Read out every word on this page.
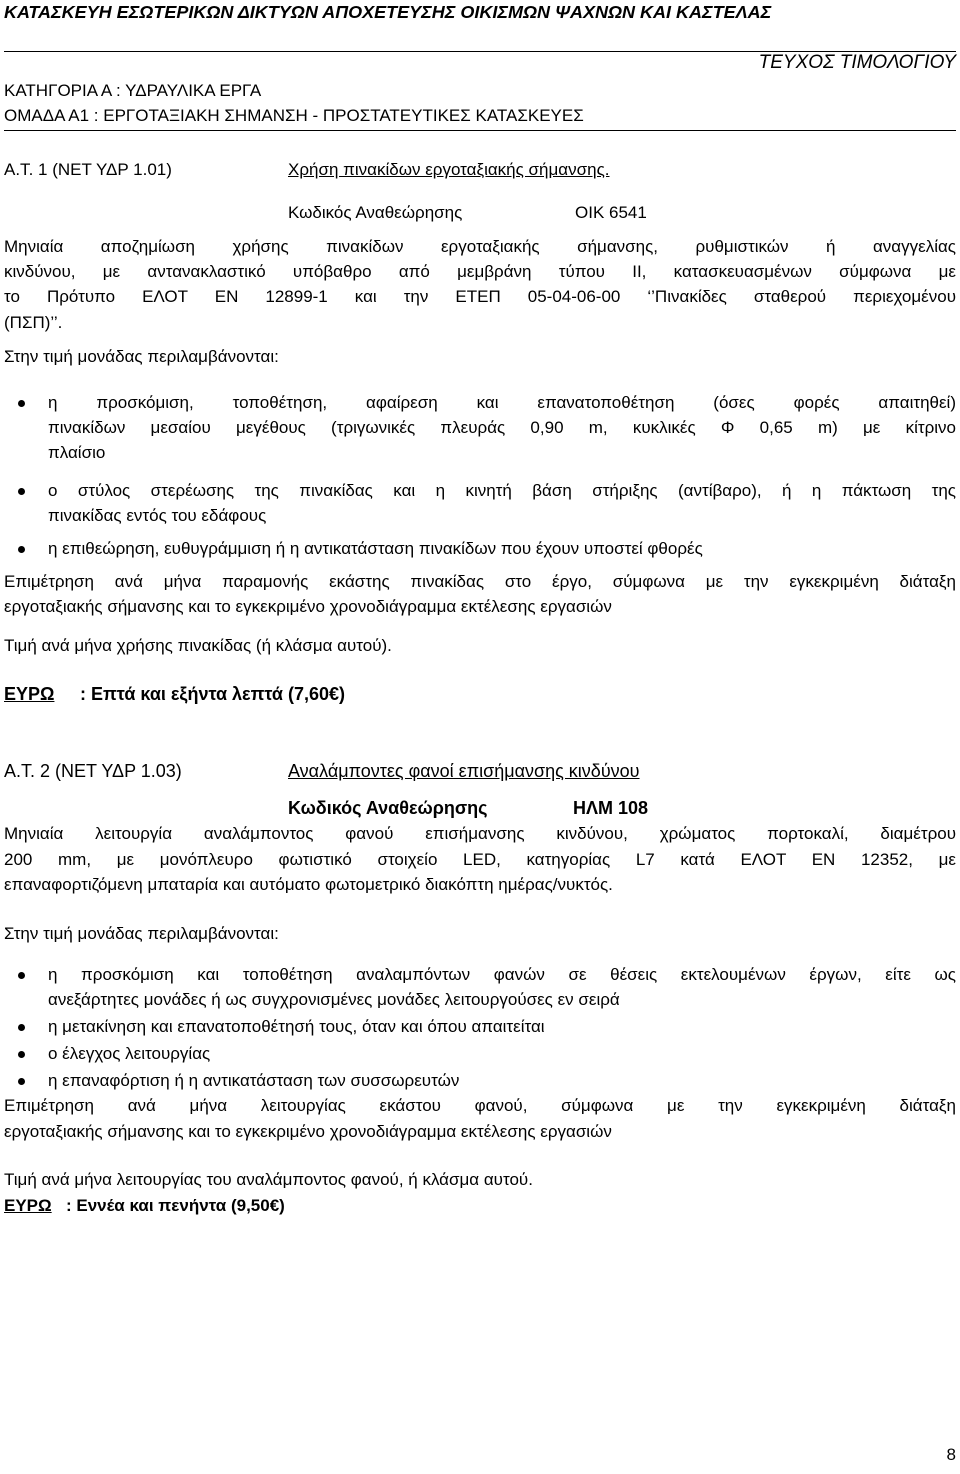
ΚΑΤΑΣΚΕΥΗ ΕΣΩΤΕΡΙΚΩΝ ΔΙΚΤΥΩΝ ΑΠΟΧΕΤΕΥΣΗΣ ΟΙΚΙΣΜΩΝ ΨΑΧΝΩΝ ΚΑΙ ΚΑΣΤΕΛΑΣ
ΤΕΥΧΟΣ ΤΙΜΟΛΟΓΙΟΥ
ΚΑΤΗΓΟΡΙΑ Α : ΥΔΡΑΥΛΙΚΑ ΕΡΓΑ
ΟΜΑΔΑ Α1 : ΕΡΓΟΤΑΞΙΑΚΗ ΣΗΜΑΝΣΗ - ΠΡΟΣΤΑΤΕΥΤΙΚΕΣ ΚΑΤΑΣΚΕΥΕΣ
Α.Τ. 1 (ΝΕΤ ΥΔΡ 1.01)	Χρήση πινακίδων εργοταξιακής σήμανσης.
Κωδικός Αναθεώρησης	ΟΙΚ 6541
Μηνιαία αποζημίωση χρήσης πινακίδων εργοταξιακής σήμανσης, ρυθμιστικών ή αναγγελίας
κινδύνου, με αντανακλαστικό υπόβαθρο από μεμβράνη τύπου ΙΙ, κατασκευασμένων σύμφωνα με
το Πρότυπο ΕΛΟΤ ΕΝ 12899-1 και την ΕΤΕΠ 05-04-06-00 ‘’Πινακίδες σταθερού περιεχομένου
(ΠΣΠ)’’.
Στην τιμή μονάδας περιλαμβάνονται:
η προσκόμιση, τοποθέτηση, αφαίρεση και επανατοποθέτηση (όσες φορές απαιτηθεί)
πινακίδων μεσαίου μεγέθους (τριγωνικές πλευράς 0,90 m, κυκλικές Φ 0,65 m) με κίτρινο
πλαίσιο
ο στύλος στερέωσης της πινακίδας και η κινητή βάση στήριξης (αντίβαρο), ή η πάκτωση της
πινακίδας εντός του εδάφους
η επιθεώρηση, ευθυγράμμιση ή η αντικατάσταση πινακίδων που έχουν υποστεί φθορές
Επιμέτρηση ανά μήνα παραμονής εκάστης πινακίδας στο έργο, σύμφωνα με την εγκεκριμένη διάταξη
εργοταξιακής σήμανσης και το εγκεκριμένο χρονοδιάγραμμα εκτέλεσης εργασιών
Τιμή ανά μήνα χρήσης πινακίδας (ή κλάσμα αυτού).
ΕΥΡΩ : Επτά και εξήντα λεπτά (7,60€)
Α.Τ. 2 (ΝΕΤ ΥΔΡ 1.03)	Αναλάμποντες φανοί επισήμανσης κινδύνου
Κωδικός Αναθεώρησης	ΗΛΜ 108
Μηνιαία λειτουργία αναλάμποντος φανού επισήμανσης κινδύνου, χρώματος πορτοκαλί, διαμέτρου
200 mm, με μονόπλευρο φωτιστικό στοιχείο LED, κατηγορίας L7 κατά ΕΛΟΤ ΕΝ 12352, με
επαναφορτιζόμενη μπαταρία και αυτόματο φωτομετρικό διακόπτη ημέρας/νυκτός.
Στην τιμή μονάδας περιλαμβάνονται:
η προσκόμιση και τοποθέτηση αναλαμπόντων φανών σε θέσεις εκτελουμένων έργων, είτε ως
ανεξάρτητες μονάδες ή ως συγχρονισμένες μονάδες λειτουργούσες εν σειρά
η μετακίνηση και επανατοποθέτησή τους, όταν και όπου απαιτείται
ο έλεγχος λειτουργίας
η επαναφόρτιση ή η αντικατάσταση των συσσωρευτών
Επιμέτρηση ανά μήνα λειτουργίας εκάστου φανού, σύμφωνα με την εγκεκριμένη διάταξη
εργοταξιακής σήμανσης και το εγκεκριμένο χρονοδιάγραμμα εκτέλεσης εργασιών
Τιμή ανά μήνα λειτουργίας του αναλάμποντος φανού, ή κλάσμα αυτού.
ΕΥΡΩ : Εννέα και πενήντα (9,50€)
8
